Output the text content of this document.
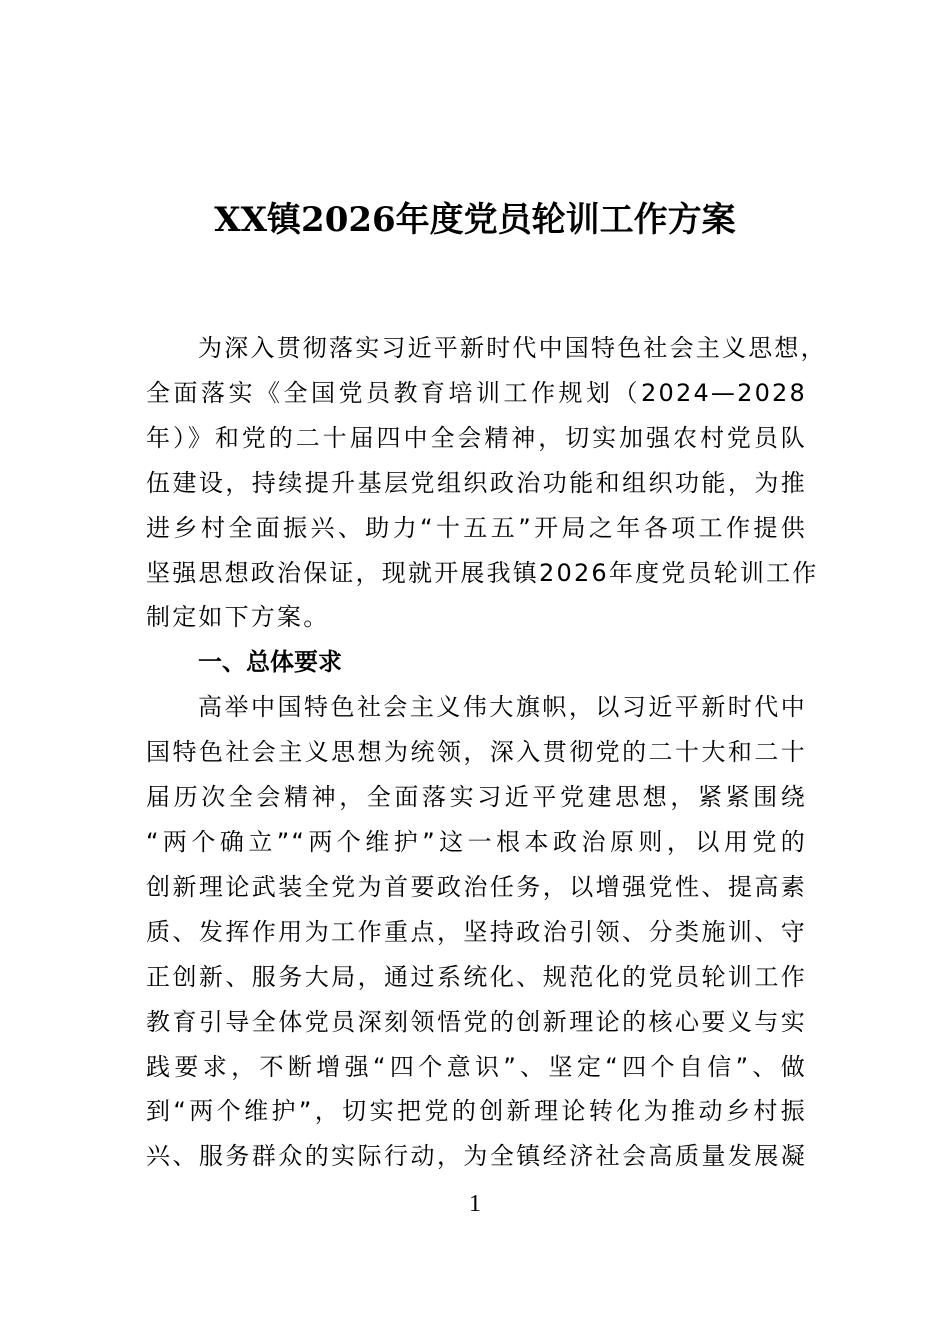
XX镇2026年度党员轮训工作方案

为深入贯彻落实习近平新时代中国特色社会主义思想，
全面落实《全国党员教育培训工作规划（2024—2028
年）》和党的二十届四中全会精神，切实加强农村党员队
伍建设，持续提升基层党组织政治功能和组织功能，为推
进乡村全面振兴、助力“十五五”开局之年各项工作提供
坚强思想政治保证，现就开展我镇2026年度党员轮训工作
制定如下方案。

一、总体要求

高举中国特色社会主义伟大旗帜，以习近平新时代中
国特色社会主义思想为统领，深入贯彻党的二十大和二十
届历次全会精神，全面落实习近平党建思想，紧紧围绕
“两个确立”“两个维护”这一根本政治原则，以用党的
创新理论武装全党为首要政治任务，以增强党性、提高素
质、发挥作用为工作重点，坚持政治引领、分类施训、守
正创新、服务大局，通过系统化、规范化的党员轮训工作
教育引导全体党员深刻领悟党的创新理论的核心要义与实
践要求，不断增强“四个意识”、坚定“四个自信”、做
到“两个维护”，切实把党的创新理论转化为推动乡村振
兴、服务群众的实际行动，为全镇经济社会高质量发展凝

1
